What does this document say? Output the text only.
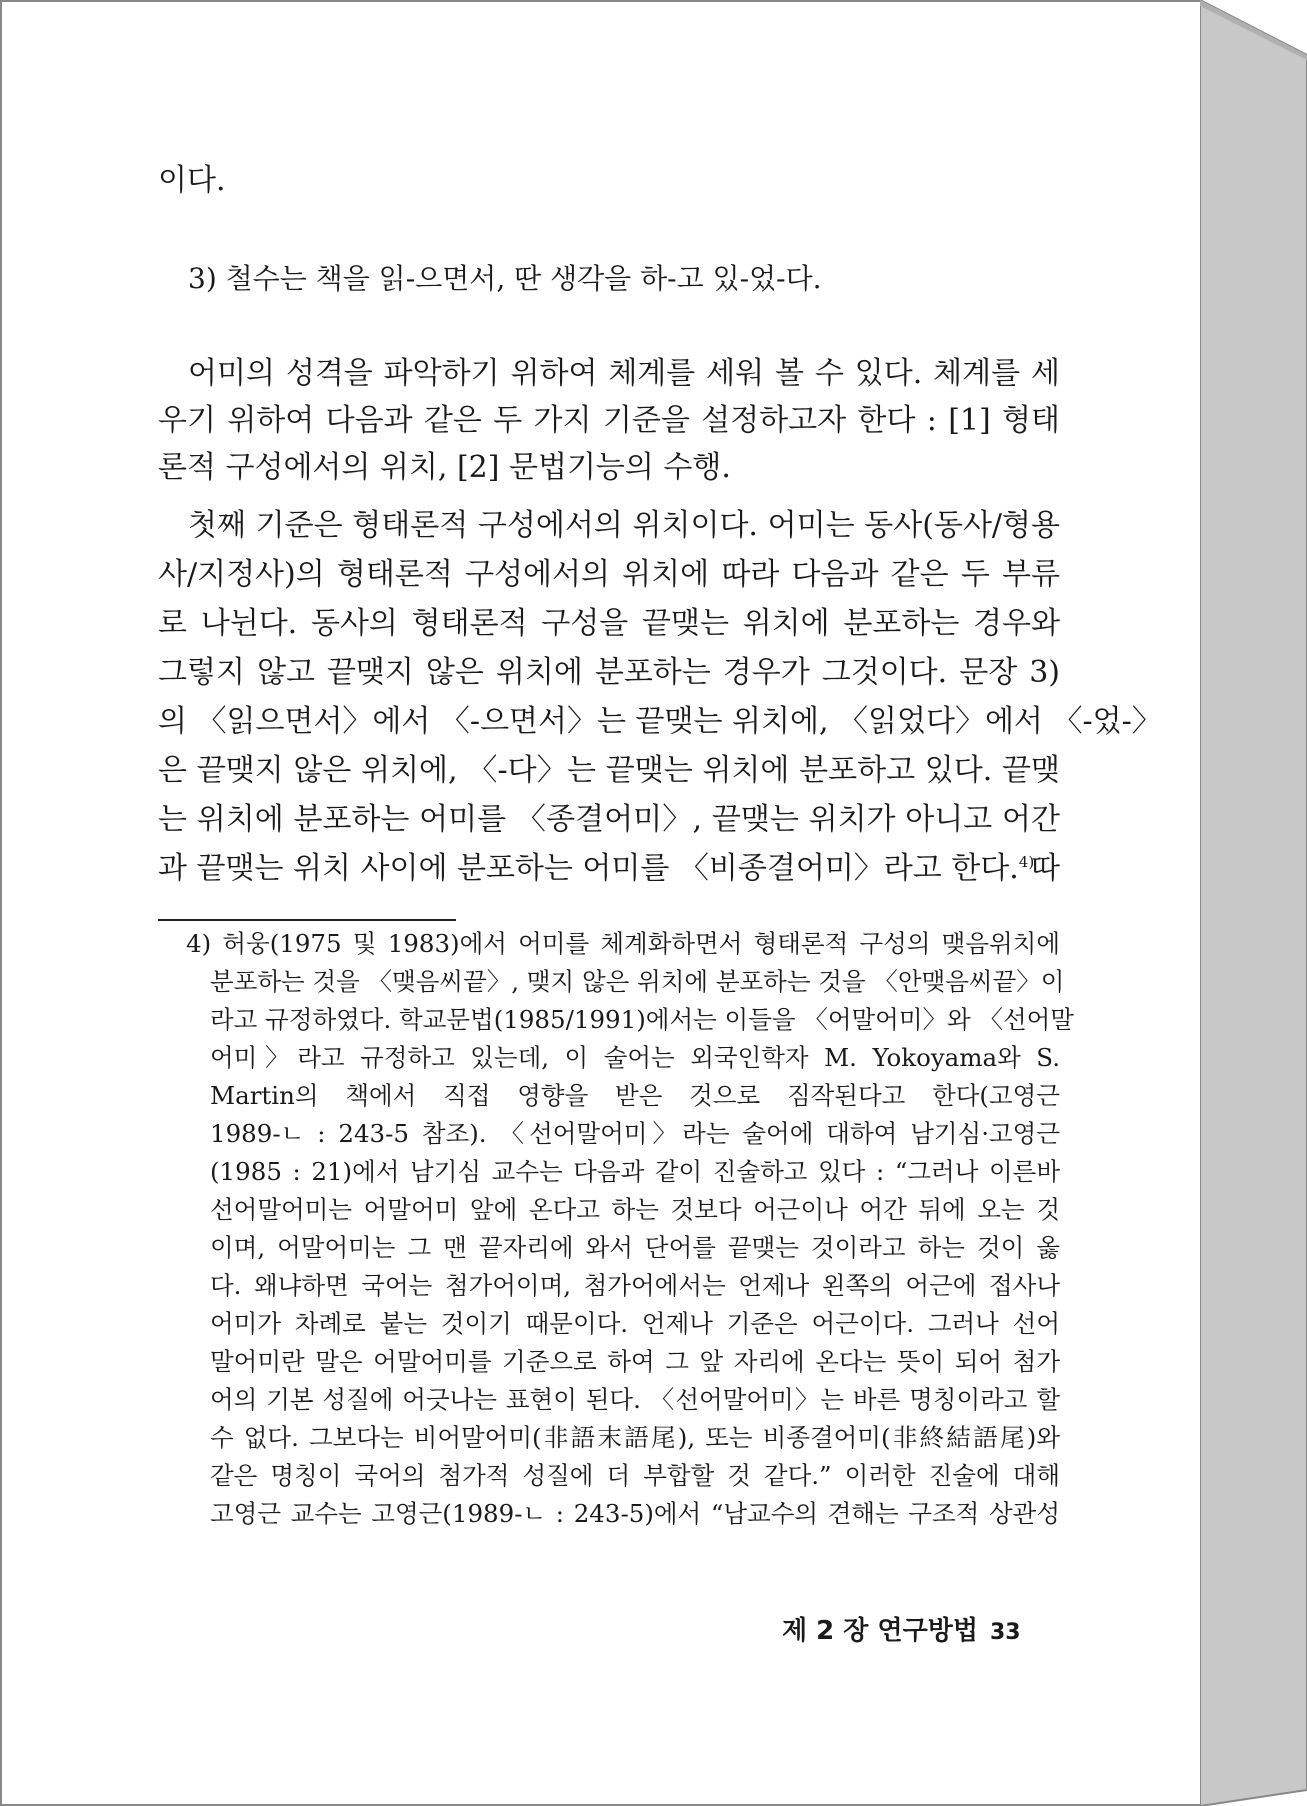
이다.
3) 철수는 책을 읽-으면서, 딴 생각을 하-고 있-었-다.
어미의 성격을 파악하기 위하여 체계를 세워 볼 수 있다. 체계를 세
우기 위하여 다음과 같은 두 가지 기준을 설정하고자 한다 : [1] 형태
론적 구성에서의 위치, [2] 문법기능의 수행.
첫째 기준은 형태론적 구성에서의 위치이다. 어미는 동사(동사/형용
사/지정사)의 형태론적 구성에서의 위치에 따라 다음과 같은 두 부류
로 나뉜다. 동사의 형태론적 구성을 끝맺는 위치에 분포하는 경우와
그렇지 않고 끝맺지 않은 위치에 분포하는 경우가 그것이다. 문장 3)
의 〈읽으면서〉에서 〈-으면서〉는 끝맺는 위치에, 〈읽었다〉에서 〈-었-〉
은 끝맺지 않은 위치에, 〈-다〉는 끝맺는 위치에 분포하고 있다. 끝맺
는 위치에 분포하는 어미를 〈종결어미〉, 끝맺는 위치가 아니고 어간
과 끝맺는 위치 사이에 분포하는 어미를 〈비종결어미〉라고 한다.$^{4)}$
따
4) 허웅(1975 및 1983)에서 어미를 체계화하면서 형태론적 구성의 맺음위치에
분포하는 것을 〈맺음씨끝〉, 맺지 않은 위치에 분포하는 것을 〈안맺음씨끝〉이
라고 규정하였다. 학교문법(1985/1991)에서는 이들을 〈어말어미〉와 〈선어말
어미〉라고 규정하고 있는데, 이 술어는 외국인학자 M. Yokoyama와 S.
Martin의 책에서 직접 영향을 받은 것으로 짐작된다고 한다(고영근
1989-ㄴ : 243-5 참조). 〈선어말어미〉라는 술어에 대하여 남기심·고영근
(1985 : 21)에서 남기심 교수는 다음과 같이 진술하고 있다 : “그러나 이른바
선어말어미는 어말어미 앞에 온다고 하는 것보다 어근이나 어간 뒤에 오는 것
이며, 어말어미는 그 맨 끝자리에 와서 단어를 끝맺는 것이라고 하는 것이 옳
다. 왜냐하면 국어는 첨가어이며, 첨가어에서는 언제나 왼쪽의 어근에 접사나
어미가 차례로 붙는 것이기 때문이다. 언제나 기준은 어근이다. 그러나 선어
말어미란 말은 어말어미를 기준으로 하여 그 앞 자리에 온다는 뜻이 되어 첨가
어의 기본 성질에 어긋나는 표현이 된다. 〈선어말어미〉는 바른 명칭이라고 할
수 없다. 그보다는 비어말어미(非語末語尾), 또는 비종결어미(非終結語尾)와
같은 명칭이 국어의 첨가적 성질에 더 부합할 것 같다.” 이러한 진술에 대해
고영근 교수는 고영근(1989-ㄴ : 243-5)에서 “남교수의 견해는 구조적 상관성
제 2 장 연구방법 33
